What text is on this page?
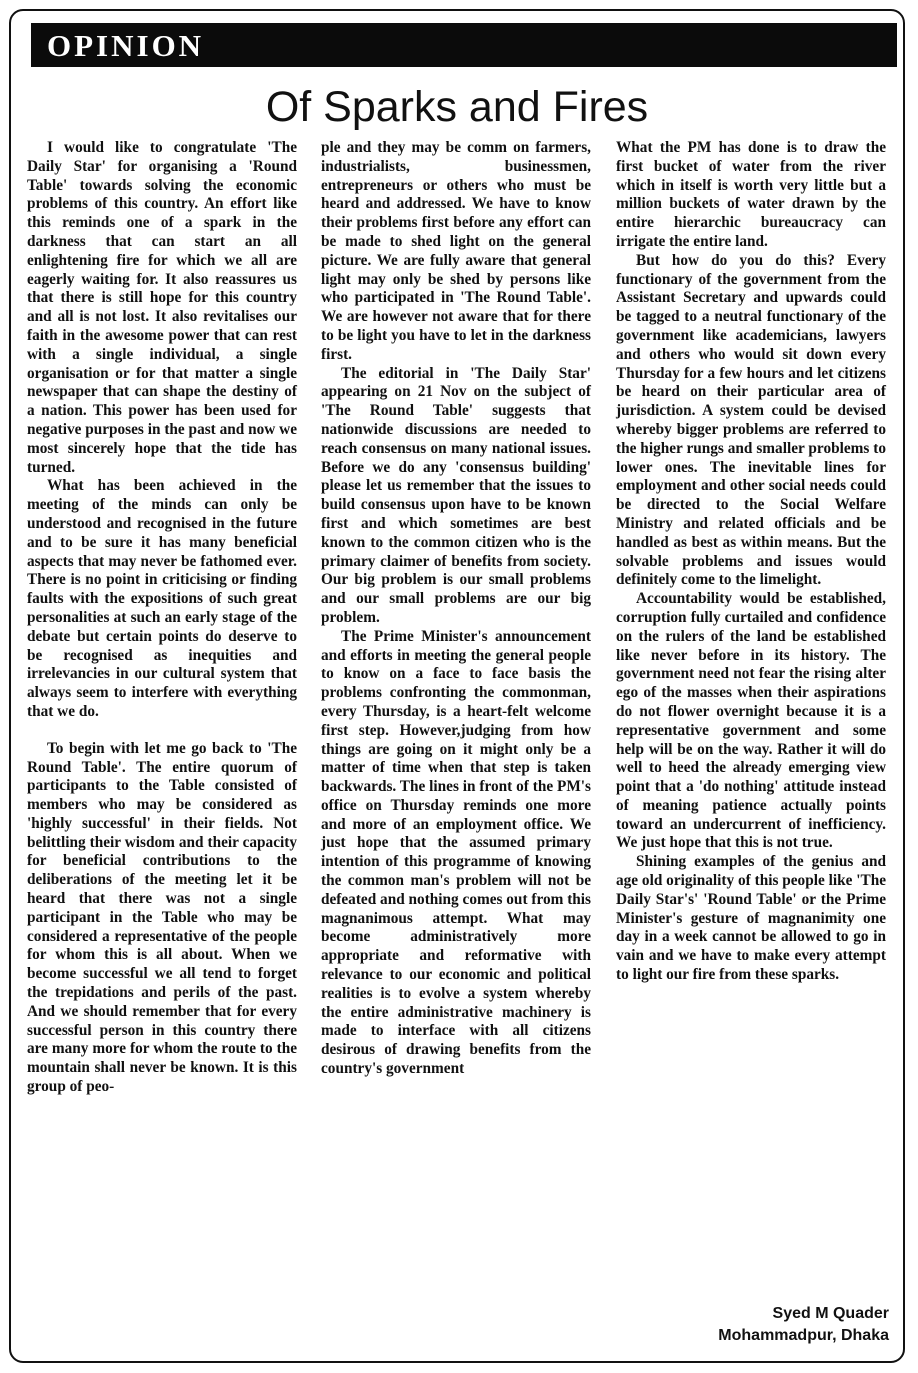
OPINION
Of Sparks and Fires

I would like to congratulate 'The Daily Star' for organising a 'Round Table' towards solving the economic problems of this country. An effort like this reminds one of a spark in the darkness that can start an all enlightening fire for which we all are eagerly waiting for. It also reassures us that there is still hope for this country and all is not lost. It also revitalises our faith in the awesome power that can rest with a single individual, a single organisation or for that matter a single newspaper that can shape the destiny of a nation. This power has been used for negative purposes in the past and now we most sincerely hope that the tide has turned.

What has been achieved in the meeting of the minds can only be understood and recognised in the future and to be sure it has many beneficial aspects that may never be fathomed ever. There is no point in criticising or finding faults with the expositions of such great personalities at such an early stage of the debate but certain points do deserve to be recognised as inequities and irrelevancies in our cultural system that always seem to interfere with everything that we do.

To begin with let me go back to 'The Round Table'. The entire quorum of participants to the Table consisted of members who may be considered as 'highly successful' in their fields. Not belittling their wisdom and their capacity for beneficial contributions to the deliberations of the meeting let it be heard that there was not a single participant in the Table who may be considered a representative of the people for whom this is all about. When we become successful we all tend to forget the trepidations and perils of the past. And we should remember that for every successful person in this country there are many more for whom the route to the mountain shall never be known. It is this group of peo-

ple and they may be comm on farmers, industrialists, businessmen, entrepreneurs or others who must be heard and addressed. We have to know their problems first before any effort can be made to shed light on the general picture. We are fully aware that general light may only be shed by persons like who participated in 'The Round Table'. We are however not aware that for there to be light you have to let in the darkness first.

The editorial in 'The Daily Star' appearing on 21 Nov on the subject of 'The Round Table' suggests that nationwide discussions are needed to reach consensus on many national issues. Before we do any 'consensus building' please let us remember that the issues to build consensus upon have to be known first and which sometimes are best known to the common citizen who is the primary claimer of benefits from society. Our big problem is our small problems and our small problems are our big problem.

The Prime Minister's announcement and efforts in meeting the general people to know on a face to face basis the problems confronting the commonman, every Thursday, is a heart-felt welcome first step. However,judging from how things are going on it might only be a matter of time when that step is taken backwards. The lines in front of the PM's office on Thursday reminds one more and more of an employment office. We just hope that the assumed primary intention of this programme of knowing the common man's problem will not be defeated and nothing comes out from this magnanimous attempt. What may become administratively more appropriate and reformative with relevance to our economic and political realities is to evolve a system whereby the entire administrative machinery is made to interface with all citizens desirous of drawing benefits from the country's government

What the PM has done is to draw the first bucket of water from the river which in itself is worth very little but a million buckets of water drawn by the entire hierarchic bureaucracy can irrigate the entire land.

But how do you do this? Every functionary of the government from the Assistant Secretary and upwards could be tagged to a neutral functionary of the government like academicians, lawyers and others who would sit down every Thursday for a few hours and let citizens be heard on their particular area of jurisdiction. A system could be devised whereby bigger problems are referred to the higher rungs and smaller problems to lower ones. The inevitable lines for employment and other social needs could be directed to the Social Welfare Ministry and related officials and be handled as best as within means. But the solvable problems and issues would definitely come to the limelight.

Accountability would be established, corruption fully curtailed and confidence on the rulers of the land be established like never before in its history. The government need not fear the rising alter ego of the masses when their aspirations do not flower overnight because it is a representative government and some help will be on the way. Rather it will do well to heed the already emerging view point that a 'do nothing' attitude instead of meaning patience actually points toward an undercurrent of inefficiency. We just hope that this is not true.

Shining examples of the genius and age old originality of this people like 'The Daily Star's' 'Round Table' or the Prime Minister's gesture of magnanimity one day in a week cannot be allowed to go in vain and we have to make every attempt to light our fire from these sparks.

Syed M Quader
Mohammadpur, Dhaka
